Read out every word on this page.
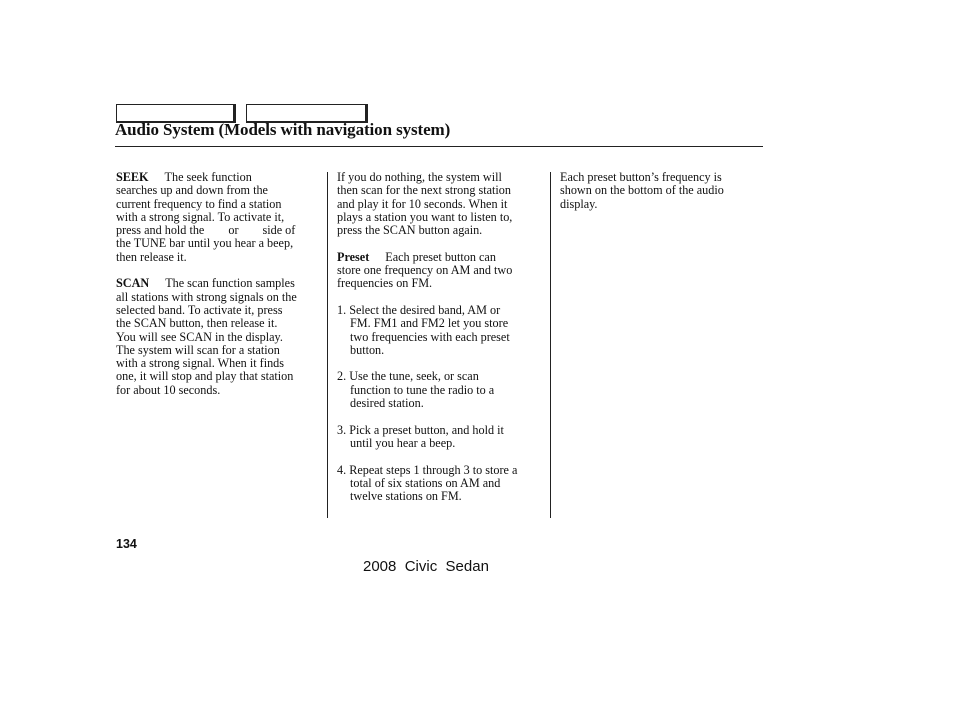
Audio System (Models with navigation system)
SEEK The seek function
searches up and down from the
current frequency to find a station
with a strong signal. To activate it,
press and hold the or side of
the TUNE bar until you hear a beep,
then release it.
SCAN The scan function samples
all stations with strong signals on the
selected band. To activate it, press
the SCAN button, then release it.
You will see SCAN in the display.
The system will scan for a station
with a strong signal. When it finds
one, it will stop and play that station
for about 10 seconds.
If you do nothing, the system will
then scan for the next strong station
and play it for 10 seconds. When it
plays a station you want to listen to,
press the SCAN button again.
Preset Each preset button can
store one frequency on AM and two
frequencies on FM.
1. Select the desired band, AM or
FM. FM1 and FM2 let you store
two frequencies with each preset
button.
2. Use the tune, seek, or scan
function to tune the radio to a
desired station.
3. Pick a preset button, and hold it
until you hear a beep.
4. Repeat steps 1 through 3 to store a
total of six stations on AM and
twelve stations on FM.
Each preset button’s frequency is
shown on the bottom of the audio
display.
134
2008  Civic  Sedan
